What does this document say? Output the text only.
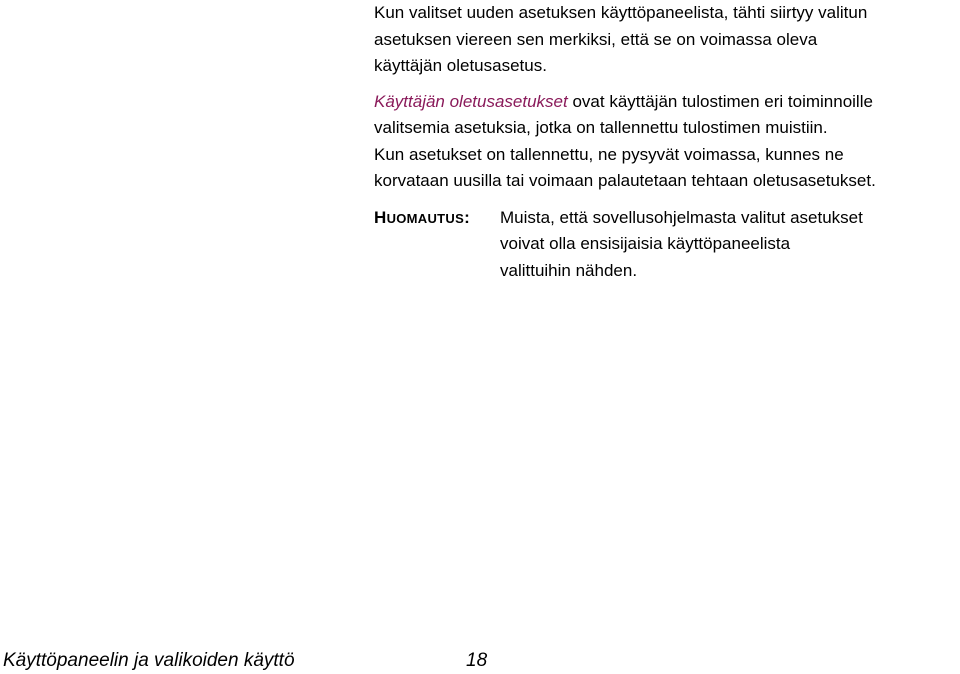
Kun valitset uuden asetuksen käyttöpaneelista, tähti siirtyy valitun
asetuksen viereen sen merkiksi, että se on voimassa oleva
käyttäjän oletusasetus.

Käyttäjän oletusasetukset ovat käyttäjän tulostimen eri toiminnoille
valitsemia asetuksia, jotka on tallennettu tulostimen muistiin.
Kun asetukset on tallennettu, ne pysyvät voimassa, kunnes ne
korvataan uusilla tai voimaan palautetaan tehtaan oletusasetukset.

HUOMAUTUS:	Muista, että sovellusohjelmasta valitut asetukset
voivat olla ensisijaisia käyttöpaneelista
valittuihin nähden.
Käyttöpaneelin ja valikoiden käyttö	18
